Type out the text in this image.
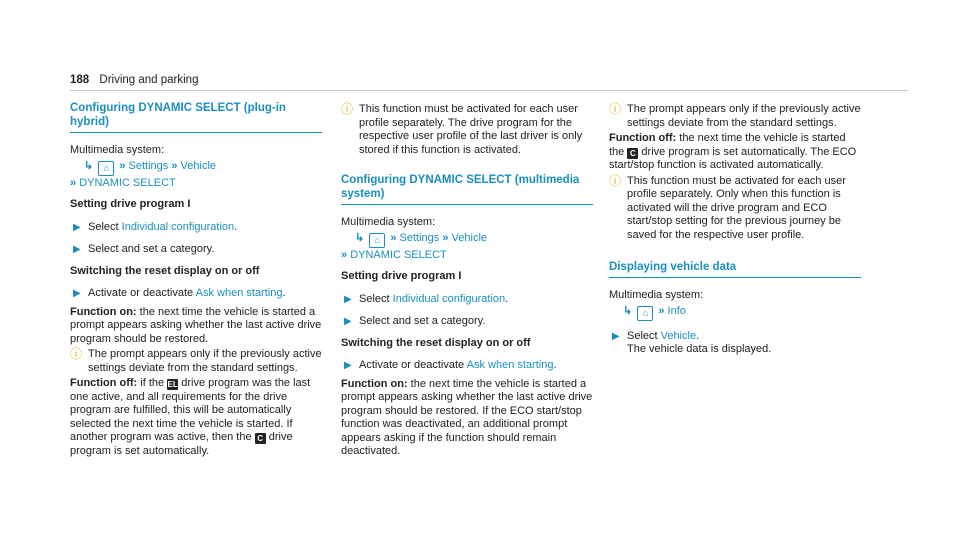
188 Driving and parking
Configuring DYNAMIC SELECT (plug-in hybrid)

Multimedia system:

↳ ⌂ » Settings » Vehicle
» DYNAMIC SELECT
Setting drive program I
▶ Select Individual configuration.
▶ Select and set a category.
Switching the reset display on or off
▶ Activate or deactivate Ask when starting.

Function on: the next time the vehicle is started a prompt appears asking whether the last active drive program should be restored.

ⓘ The prompt appears only if the previously active settings deviate from the standard settings.

Function off: if the EL drive program was the last one active, and all requirements for the drive program are fulfilled, this will be automatically selected the next time the vehicle is started. If another program was active, then the C drive program is set automatically.

ⓘ This function must be activated for each user profile separately. The drive program for the respective user profile of the last driver is only stored if this function is activated.
Configuring DYNAMIC SELECT (multimedia system)

Multimedia system:

↳ ⌂ » Settings » Vehicle
» DYNAMIC SELECT
Setting drive program I
▶ Select Individual configuration.
▶ Select and set a category.
Switching the reset display on or off
▶ Activate or deactivate Ask when starting.

Function on: the next time the vehicle is started a prompt appears asking whether the last active drive program should be restored. If the ECO start/stop function was deactivated, an additional prompt appears asking if the function should remain deactivated.

ⓘ The prompt appears only if the previously active settings deviate from the standard settings.

Function off: the next time the vehicle is started the C drive program is set automatically. The ECO start/stop function is activated automatically.

ⓘ This function must be activated for each user profile separately. Only when this function is activated will the drive program and ECO start/stop setting for the previous journey be saved for the respective user profile.
Displaying vehicle data

Multimedia system:

↳ ⌂ » Info
▶ Select Vehicle.
The vehicle data is displayed.
